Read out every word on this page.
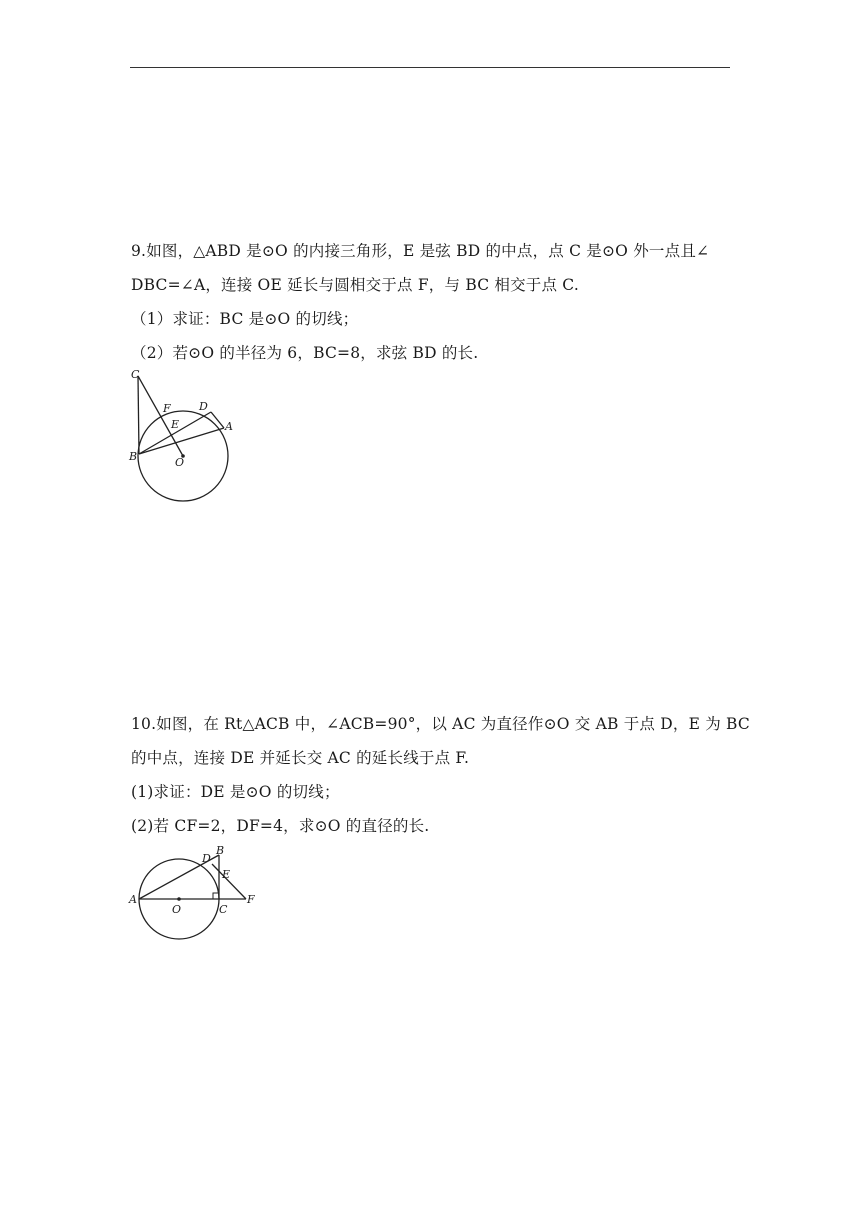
9.如图，△ABD 是⊙O 的内接三角形，E 是弦 BD 的中点，点 C 是⊙O 外一点且∠
DBC=∠A，连接 OE 延长与圆相交于点 F，与 BC 相交于点 C.
（1）求证：BC 是⊙O 的切线；
（2）若⊙O 的半径为 6，BC=8，求弦 BD 的长.
C
F	D
E	A
B	O
10.如图，在 Rt△ACB 中，∠ACB=90°，以 AC 为直径作⊙O 交 AB 于点 D，E 为 BC
的中点，连接 DE 并延长交 AC 的延长线于点 F.
(1)求证：DE 是⊙O 的切线；
(2)若 CF=2，DF=4，求⊙O 的直径的长.
D
B
E
A
O	C
F
